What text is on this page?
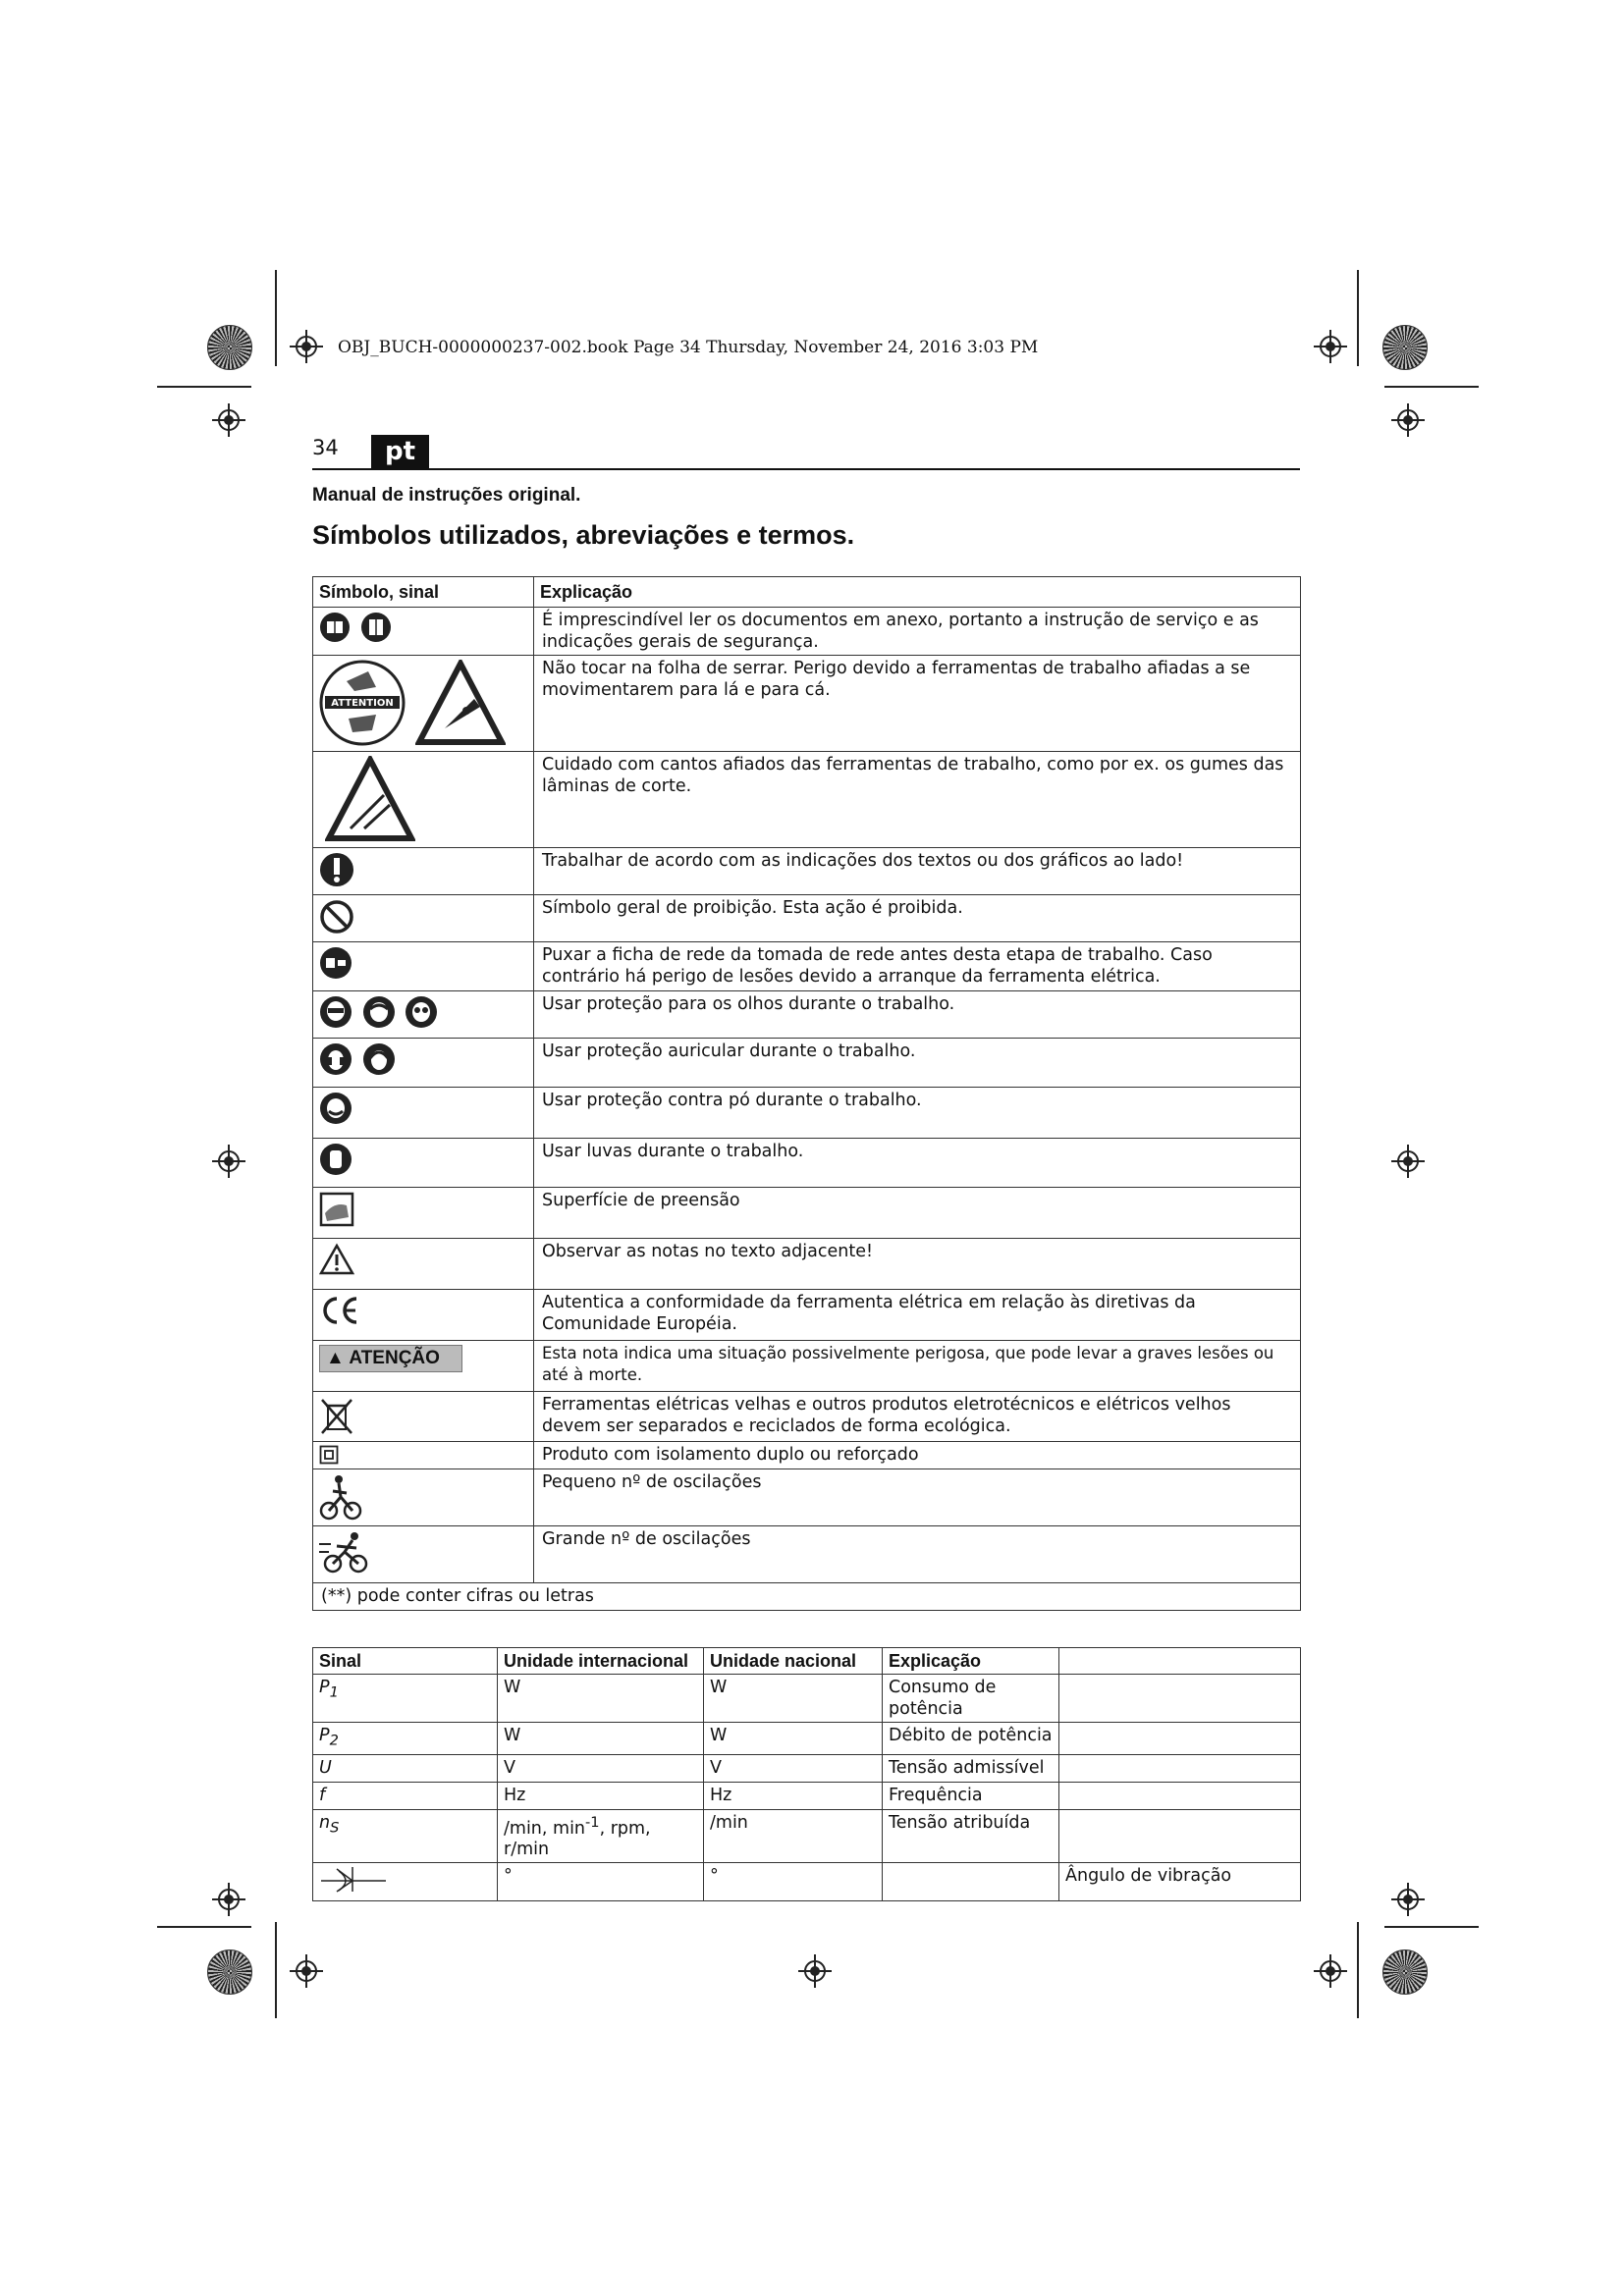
OBJ_BUCH-0000000237-002.book Page 34 Thursday, November 24, 2016 3:03 PM
34	pt
Manual de instruções original.
Símbolos utilizados, abreviações e termos.
Símbolo, sinal	Explicação
	É imprescindível ler os documentos em anexo, portanto a instrução de serviço e as indicações gerais de segurança.

ATTENTION	Não tocar na folha de serrar. Perigo devido a ferramentas de trabalho afiadas a se movimentarem para lá e para cá.
	Cuidado com cantos afiados das ferramentas de trabalho, como por ex. os gumes das lâminas de corte.
	Trabalhar de acordo com as indicações dos textos ou dos gráficos ao lado!
	Símbolo geral de proibição. Esta ação é proibida.
	Puxar a ficha de rede da tomada de rede antes desta etapa de trabalho. Caso contrário há perigo de lesões devido a arranque da ferramenta elétrica.
	Usar proteção para os olhos durante o trabalho.
	Usar proteção auricular durante o trabalho.
	Usar proteção contra pó durante o trabalho.
	Usar luvas durante o trabalho.
	Superfície de preensão
	Observar as notas no texto adjacente!
	Autentica a conformidade da ferramenta elétrica em relação às diretivas da Comunidade Européia.
▲ ATENÇÃO	Esta nota indica uma situação possivelmente perigosa, que pode levar a graves lesões ou até à morte.
	Ferramentas elétricas velhas e outros produtos eletrotécnicos e elétricos velhos devem ser separados e reciclados de forma ecológica.
	Produto com isolamento duplo ou reforçado
	Pequeno nº de oscilações
	Grande nº de oscilações
(**) pode conter cifras ou letras	
Sinal	Unidade internacional	Unidade nacional	Explicação	
$P_1$	W	W	Consumo de potência	
$P_2$	W	W	Débito de potência	
U	V	V	Tensão admissível	
f	Hz	Hz	Frequência	
$n_S$	/min, $\min^{-1}$, rpm, r/min	/min	Tensão atribuída	
	°	°		Ângulo de vibração
